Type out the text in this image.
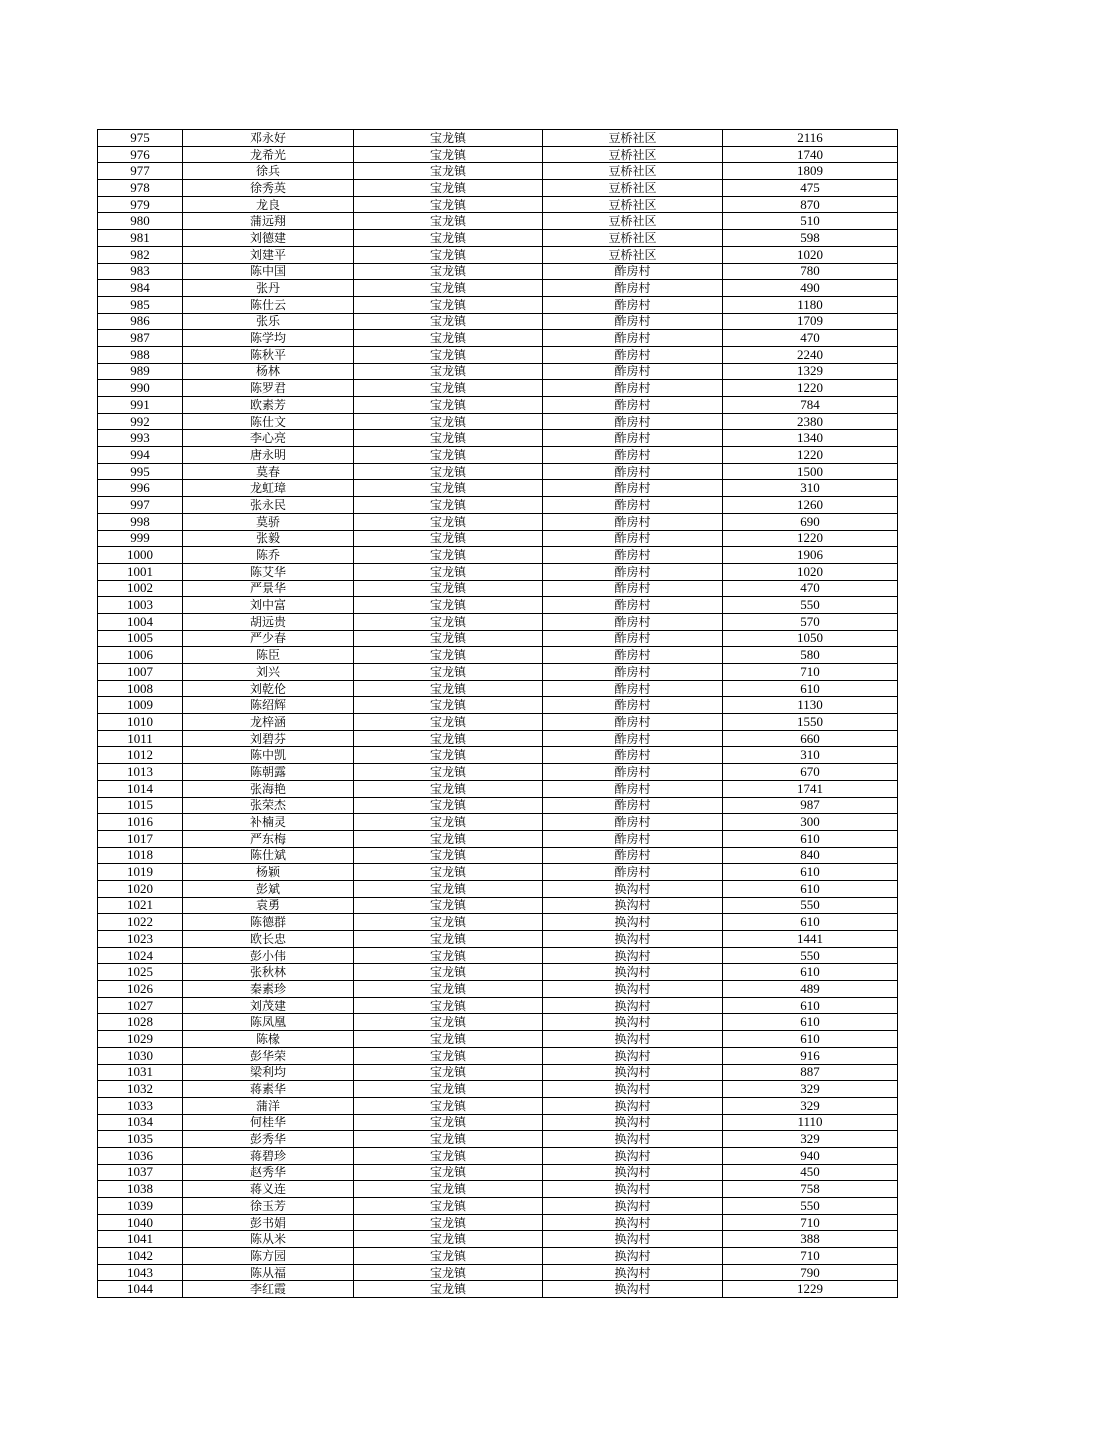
975	邓永好	宝龙镇	豆桥社区	2116
976	龙希光	宝龙镇	豆桥社区	1740
977	徐兵	宝龙镇	豆桥社区	1809
978	徐秀英	宝龙镇	豆桥社区	475
979	龙良	宝龙镇	豆桥社区	870
980	蒲远翔	宝龙镇	豆桥社区	510
981	刘德建	宝龙镇	豆桥社区	598
982	刘建平	宝龙镇	豆桥社区	1020
983	陈中国	宝龙镇	酢房村	780
984	张丹	宝龙镇	酢房村	490
985	陈仕云	宝龙镇	酢房村	1180
986	张乐	宝龙镇	酢房村	1709
987	陈学均	宝龙镇	酢房村	470
988	陈秋平	宝龙镇	酢房村	2240
989	杨林	宝龙镇	酢房村	1329
990	陈罗君	宝龙镇	酢房村	1220
991	欧素芳	宝龙镇	酢房村	784
992	陈仕文	宝龙镇	酢房村	2380
993	李心亮	宝龙镇	酢房村	1340
994	唐永明	宝龙镇	酢房村	1220
995	莫春	宝龙镇	酢房村	1500
996	龙虹璋	宝龙镇	酢房村	310
997	张永民	宝龙镇	酢房村	1260
998	莫骄	宝龙镇	酢房村	690
999	张毅	宝龙镇	酢房村	1220
1000	陈乔	宝龙镇	酢房村	1906
1001	陈艾华	宝龙镇	酢房村	1020
1002	严景华	宝龙镇	酢房村	470
1003	刘中富	宝龙镇	酢房村	550
1004	胡远贵	宝龙镇	酢房村	570
1005	严少春	宝龙镇	酢房村	1050
1006	陈臣	宝龙镇	酢房村	580
1007	刘兴	宝龙镇	酢房村	710
1008	刘乾伦	宝龙镇	酢房村	610
1009	陈绍辉	宝龙镇	酢房村	1130
1010	龙梓涵	宝龙镇	酢房村	1550
1011	刘碧芬	宝龙镇	酢房村	660
1012	陈中凯	宝龙镇	酢房村	310
1013	陈朝露	宝龙镇	酢房村	670
1014	张海艳	宝龙镇	酢房村	1741
1015	张荣杰	宝龙镇	酢房村	987
1016	补楠灵	宝龙镇	酢房村	300
1017	严东梅	宝龙镇	酢房村	610
1018	陈仕斌	宝龙镇	酢房村	840
1019	杨颖	宝龙镇	酢房村	610
1020	彭斌	宝龙镇	换沟村	610
1021	袁勇	宝龙镇	换沟村	550
1022	陈德群	宝龙镇	换沟村	610
1023	欧长忠	宝龙镇	换沟村	1441
1024	彭小伟	宝龙镇	换沟村	550
1025	张秋林	宝龙镇	换沟村	610
1026	秦素珍	宝龙镇	换沟村	489
1027	刘茂建	宝龙镇	换沟村	610
1028	陈凤凰	宝龙镇	换沟村	610
1029	陈椽	宝龙镇	换沟村	610
1030	彭华荣	宝龙镇	换沟村	916
1031	梁利均	宝龙镇	换沟村	887
1032	蒋素华	宝龙镇	换沟村	329
1033	蒲洋	宝龙镇	换沟村	329
1034	何桂华	宝龙镇	换沟村	1110
1035	彭秀华	宝龙镇	换沟村	329
1036	蒋碧珍	宝龙镇	换沟村	940
1037	赵秀华	宝龙镇	换沟村	450
1038	蒋义连	宝龙镇	换沟村	758
1039	徐玉芳	宝龙镇	换沟村	550
1040	彭书娟	宝龙镇	换沟村	710
1041	陈从米	宝龙镇	换沟村	388
1042	陈方园	宝龙镇	换沟村	710
1043	陈从福	宝龙镇	换沟村	790
1044	李红霞	宝龙镇	换沟村	1229
